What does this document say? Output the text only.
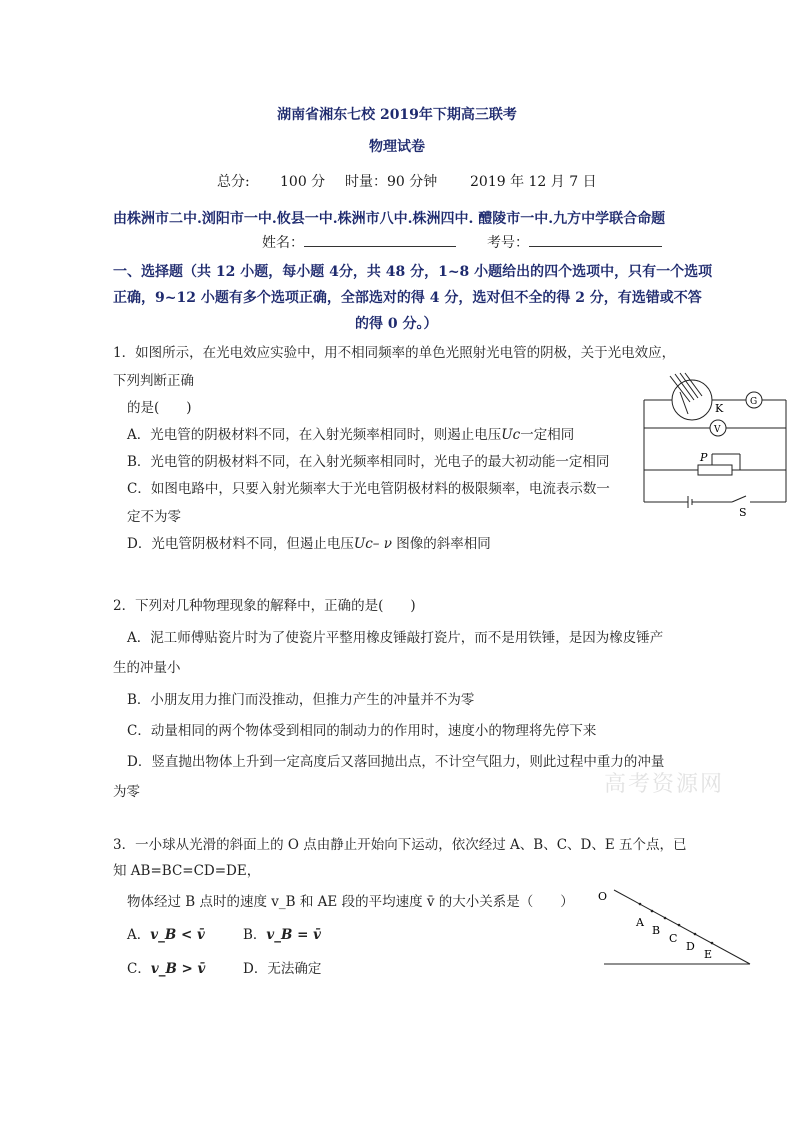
湖南省湘东七校 2019年下期高三联考
物理试卷
总分: 100 分 时量：90 分钟 2019 年 12 月 7 日
由株洲市二中.浏阳市一中.攸县一中.株洲市八中.株洲四中. 醴陵市一中.九方中学联合命题
姓名：	考号：
一、选择题（共 12 小题，每小题 4分，共 48 分，1~8 小题给出的四个选项中，只有一个选项
正确，9~12 小题有多个选项正确，全部选对的得 4 分，选对但不全的得 2 分，有选错或不答
的得 0 分。）
1．如图所示，在光电效应实验中，用不相同频率的单色光照射光电管的阴极，关于光电效应，
下列判断正确
的是(　　)
A．光电管的阴极材料不同，在入射光频率相同时，则遏止电压Uc一定相同
B．光电管的阴极材料不同，在入射光频率相同时，光电子的最大初动能一定相同
C．如图电路中，只要入射光频率大于光电管阴极材料的极限频率，电流表示数一
定不为零
D．光电管阴极材料不同，但遏止电压Uc– ν 图像的斜率相同
K	G
V
P
S
2．下列对几种物理现象的解释中，正确的是(　　)
A．泥工师傅贴瓷片时为了使瓷片平整用橡皮锤敲打瓷片，而不是用铁锤，是因为橡皮锤产
生的冲量小
B．小朋友用力推门而没推动，但推力产生的冲量并不为零
C．动量相同的两个物体受到相同的制动力的作用时，速度小的物理将先停下来
D．竖直抛出物体上升到一定高度后又落回抛出点，不计空气阻力，则此过程中重力的冲量
为零	高考资源网
3．一小球从光滑的斜面上的 O 点由静止开始向下运动，依次经过 A、B、C、D、E 五个点，已
知 AB=BC=CD=DE，
物体经过 B 点时的速度 v_B 和 AE 段的平均速度 v̄ 的大小关系是（　　）
A．v_B < v̄	B．v_B = v̄
C．v_B > v̄	D．无法确定
O
A
B
C
D
E
